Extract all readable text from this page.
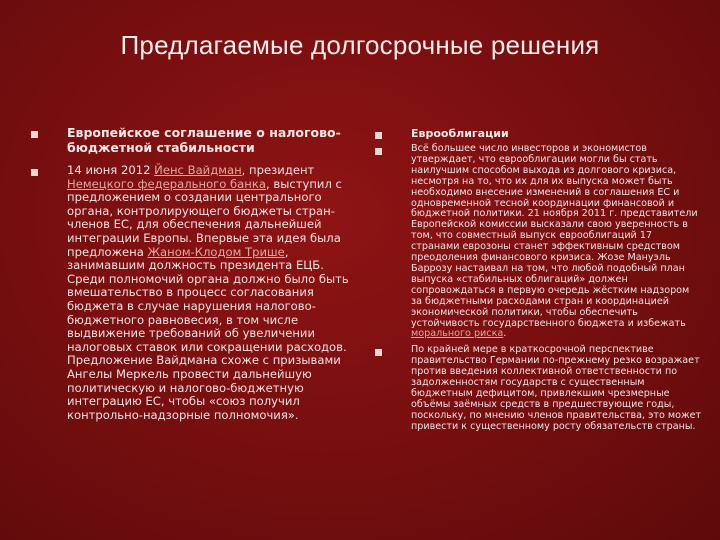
Предлагаемые долгосрочные решения
Европейское соглашение о налогово-бюджетной стабильности
14 июня 2012 Йенс Вайдман, президент Немецкого федерального банка, выступил с предложением о создании центрального органа, контролирующего бюджеты стран-членов ЕС, для обеспечения дальнейшей интеграции Европы. Впервые эта идея была предложена Жаном-Клодом Трише, занимавшим должность президента ЕЦБ. Среди полномочий органа должно было быть вмешательство в процесс согласования бюджета в случае нарушения налогово-бюджетного равновесия, в том числе выдвижение требований об увеличении налоговых ставок или сокращении расходов. Предложение Вайдмана схоже с призывами Ангелы Меркель провести дальнейшую политическую и налогово-бюджетную интеграцию ЕС, чтобы «союз получил контрольно-надзорные полномочия».
Еврооблигации
Всё большее число инвесторов и экономистов утверждает, что еврооблигации могли бы стать наилучшим способом выхода из долгового кризиса, несмотря на то, что их для их выпуска может быть необходимо внесение изменений в соглашения ЕС и одновременной тесной координации финансовой и бюджетной политики. 21 ноября 2011 г. представители Европейской комиссии высказали свою уверенность в том, что совместный выпуск еврооблигаций 17 странами еврозоны станет эффективным средством преодоления финансового кризиса. Жозе Мануэль Баррозу настаивал на том, что любой подобный план выпуска «стабильных облигаций» должен сопровождаться в первую очередь жёстким надзором за бюджетными расходами стран и координацией экономической политики, чтобы обеспечить устойчивость государственного бюджета и избежать морального риска.
По крайней мере в краткосрочной перспективе правительство Германии по-прежнему резко возражает против введения коллективной ответственности по задолженностям государств с существенным бюджетным дефицитом, привлекшим чрезмерные объёмы заёмных средств в предшествующие годы, поскольку, по мнению членов правительства, это может привести к существенному росту обязательств страны.
